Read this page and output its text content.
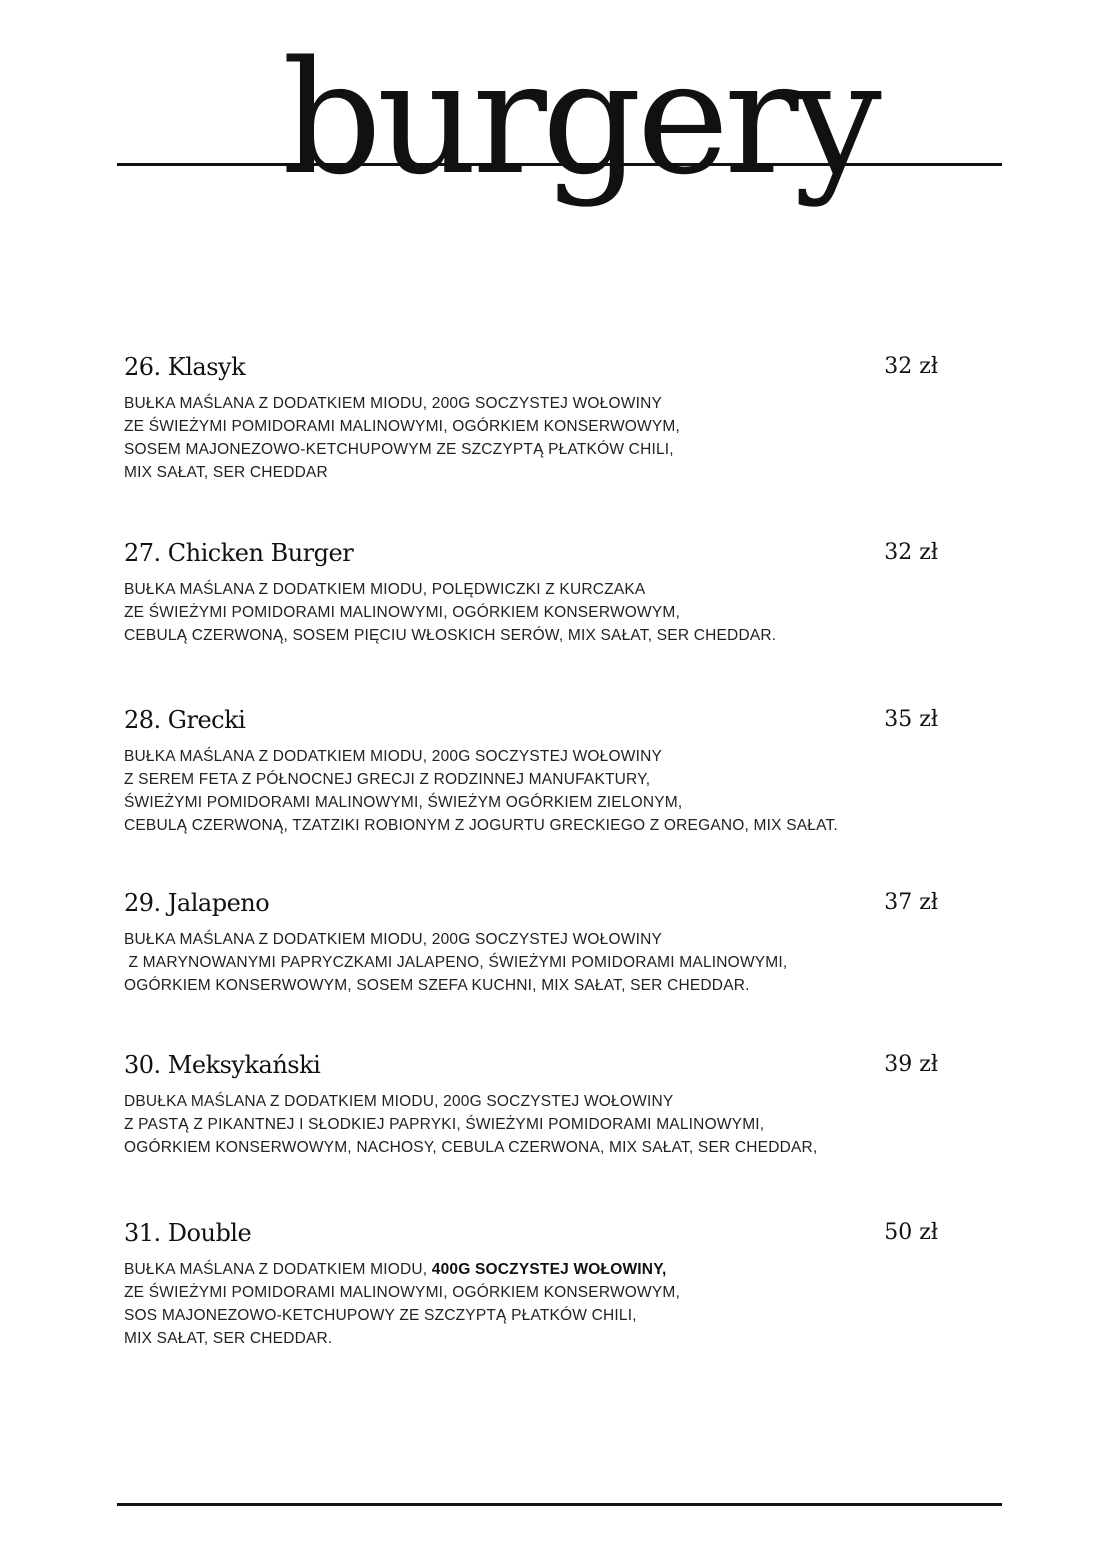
burgery
26. Klasyk	32 zł
BUŁKA MAŚLANA Z DODATKIEM MIODU, 200G SOCZYSTEJ WOŁOWINY
ZE ŚWIEŻYMI POMIDORAMI MALINOWYMI, OGÓRKIEM KONSERWOWYM,
SOSEM MAJONEZOWO-KETCHUPOWYM ZE SZCZYPTĄ PŁATKÓW CHILI,
MIX SAŁAT, SER CHEDDAR
27. Chicken Burger	32 zł
BUŁKA MAŚLANA Z DODATKIEM MIODU, POLĘDWICZKI Z KURCZAKA
ZE ŚWIEŻYMI POMIDORAMI MALINOWYMI, OGÓRKIEM KONSERWOWYM,
CEBULĄ CZERWONĄ, SOSEM PIĘCIU WŁOSKICH SERÓW, MIX SAŁAT, SER CHEDDAR.
28. Grecki	35 zł
BUŁKA MAŚLANA Z DODATKIEM MIODU, 200G SOCZYSTEJ WOŁOWINY
Z SEREM FETA Z PÓŁNOCNEJ GRECJI Z RODZINNEJ MANUFAKTURY,
ŚWIEŻYMI POMIDORAMI MALINOWYMI, ŚWIEŻYM OGÓRKIEM ZIELONYM,
CEBULĄ CZERWONĄ, TZATZIKI ROBIONYM Z JOGURTU GRECKIEGO Z OREGANO, MIX SAŁAT.
29. Jalapeno	37 zł
BUŁKA MAŚLANA Z DODATKIEM MIODU, 200G SOCZYSTEJ WOŁOWINY
Z MARYNOWANYMI PAPRYCZKAMI JALAPENO, ŚWIEŻYMI POMIDORAMI MALINOWYMI,
OGÓRKIEM KONSERWOWYM, SOSEM SZEFA KUCHNI, MIX SAŁAT, SER CHEDDAR.
30. Meksykański	39 zł
DBUŁKA MAŚLANA Z DODATKIEM MIODU, 200G SOCZYSTEJ WOŁOWINY
Z PASTĄ Z PIKANTNEJ I SŁODKIEJ PAPRYKI, ŚWIEŻYMI POMIDORAMI MALINOWYMI,
OGÓRKIEM KONSERWOWYM, NACHOSY, CEBULA CZERWONA, MIX SAŁAT, SER CHEDDAR,
31. Double	50 zł
BUŁKA MAŚLANA Z DODATKIEM MIODU, 400G SOCZYSTEJ WOŁOWINY,
ZE ŚWIEŻYMI POMIDORAMI MALINOWYMI, OGÓRKIEM KONSERWOWYM,
SOS MAJONEZOWO-KETCHUPOWY ZE SZCZYPTĄ PŁATKÓW CHILI,
MIX SAŁAT, SER CHEDDAR.
